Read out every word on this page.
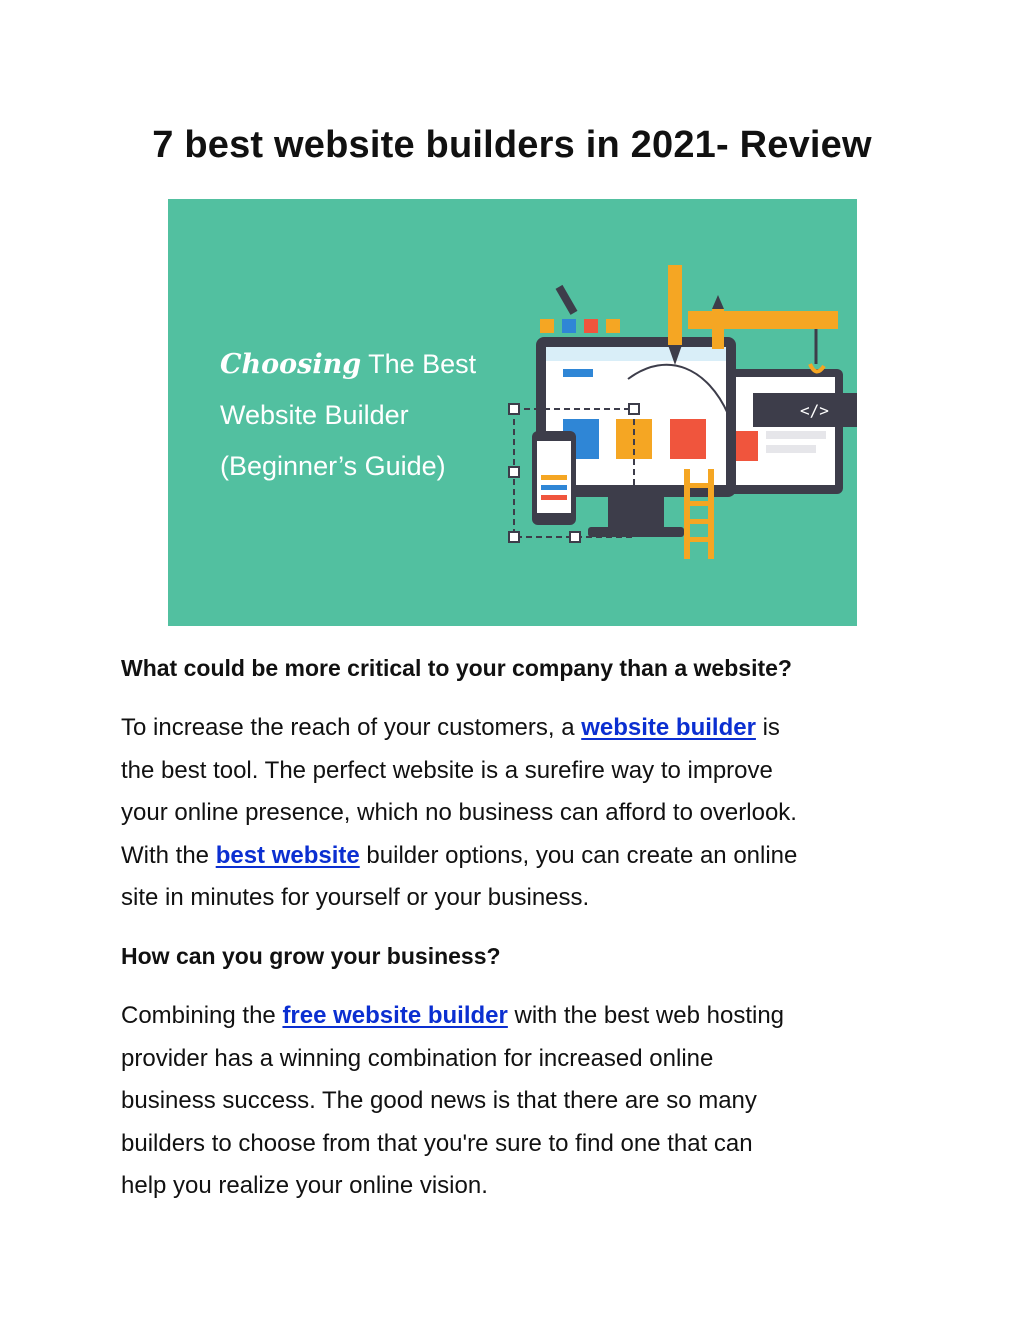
7 best website builders in 2021- Review
</>
Choosing The Best
Website Builder
(Beginner’s Guide)
What could be more critical to your company than a website?
To increase the reach of your customers, a website builder is
the best tool. The perfect website is a surefire way to improve
your online presence, which no business can afford to overlook.
With the best website builder options, you can create an online
site in minutes for yourself or your business.
How can you grow your business?
Combining the free website builder with the best web hosting
provider has a winning combination for increased online
business success. The good news is that there are so many
builders to choose from that you're sure to find one that can
help you realize your online vision.
